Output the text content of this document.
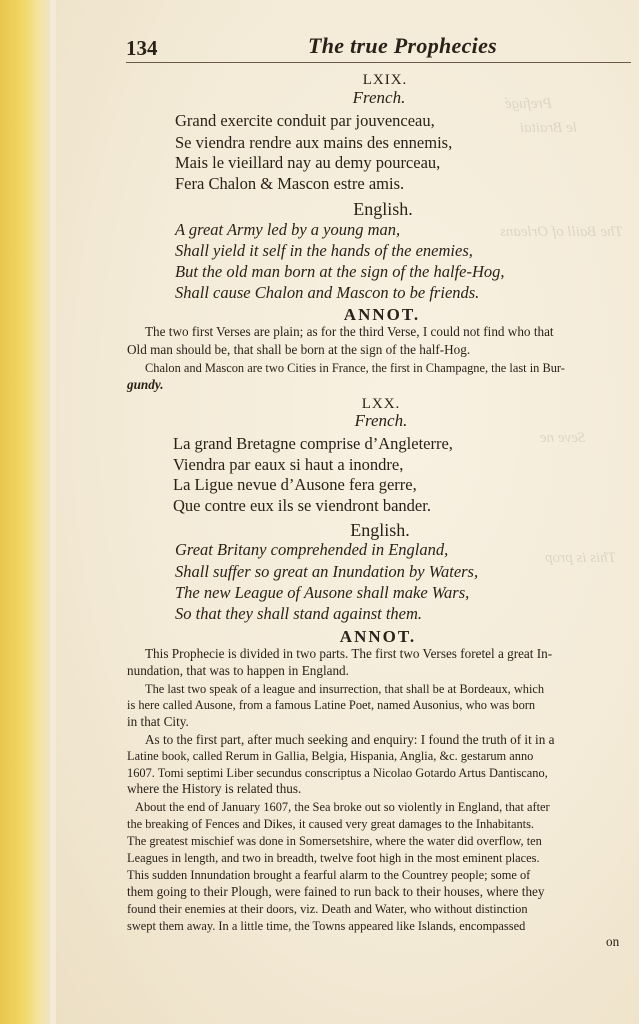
Prefugé
le Braitai
The Baill of Orleans
Seve ne
This is prop
134	The true Prophecies
LXIX.
French.
Grand exercite conduit par jouvenceau,
Se viendra rendre aux mains des ennemis,
Mais le vieillard nay au demy pourceau,
Fera Chalon & Mascon estre amis.
English.
A great Army led by a young man,
Shall yield it self in the hands of the enemies,
But the old man born at the sign of the halfe-Hog,
Shall cause Chalon and Mascon to be friends.
ANNOT.
The two first Verses are plain; as for the third Verse, I could not find who that
Old man should be, that shall be born at the sign of the half-Hog.
Chalon and Mascon are two Cities in France, the first in Champagne, the last in Bur-
gundy.
LXX.
French.
La grand Bretagne comprise d’Angleterre,
Viendra par eaux si haut a inondre,
La Ligue nevue d’Ausone fera gerre,
Que contre eux ils se viendront bander.
English.
Great Britany comprehended in England,
Shall suffer so great an Inundation by Waters,
The new League of Ausone shall make Wars,
So that they shall stand against them.
ANNOT.
This Prophecie is divided in two parts. The first two Verses foretel a great In-
nundation, that was to happen in England.
The last two speak of a league and insurrection, that shall be at Bordeaux, which
is here called Ausone, from a famous Latine Poet, named Ausonius, who was born
in that City.
As to the first part, after much seeking and enquiry: I found the truth of it in a
Latine book, called Rerum in Gallia, Belgia, Hispania, Anglia, &c. gestarum anno
1607. Tomi septimi Liber secundus conscriptus a Nicolao Gotardo Artus Dantiscano,
where the History is related thus.
About the end of January 1607, the Sea broke out so violently in England, that after
the breaking of Fences and Dikes, it caused very great damages to the Inhabitants.
The greatest mischief was done in Somersetshire, where the water did overflow, ten
Leagues in length, and two in breadth, twelve foot high in the most eminent places.
This sudden Innundation brought a fearful alarm to the Countrey people; some of
them going to their Plough, were fained to run back to their houses, where they
found their enemies at their doors, viz. Death and Water, who without distinction
swept them away. In a little time, the Towns appeared like Islands, encompassed
on
